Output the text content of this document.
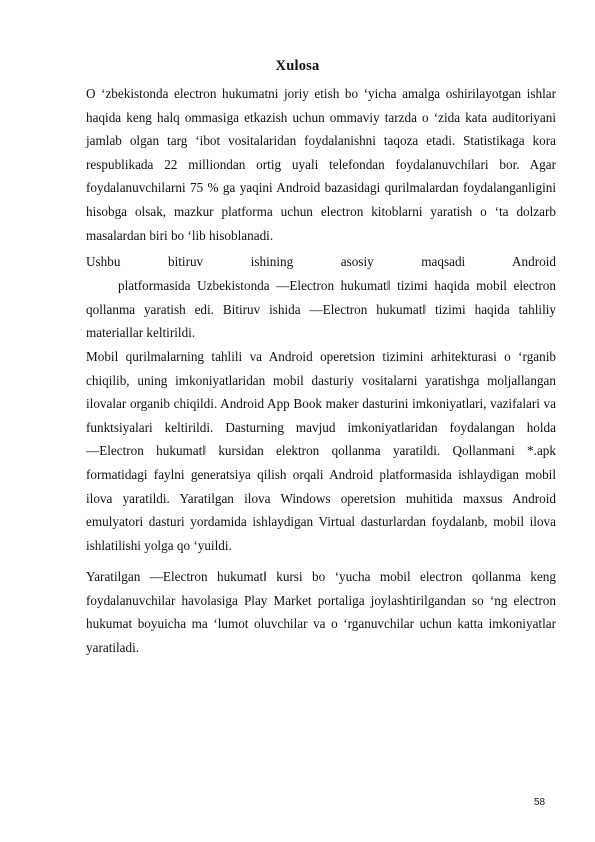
Xulosa

O ‘zbekistonda electron hukumatni joriy etish bo ‘yicha amalga oshirilayotgan ishlar haqida keng halq ommasiga etkazish uchun ommaviy tarzda o ‘zida kata auditoriyani jamlab olgan targ ‘ibot vositalaridan foydalanishni taqoza etadi. Statistikaga kora respublikada 22 milliondan ortig uyali telefondan foydalanuvchilari bor. Agar foydalanuvchilarni 75 % ga yaqini Android bazasidagi qurilmalardan foydalanganligini hisobga olsak, mazkur platforma uchun electron kitoblarni yaratish o ‘ta dolzarb masalardan biri bo ‘lib hisoblanadi.

Ushbu bitiruv ishining asosiy maqsadi Android

platformasida Uzbekistonda ―Electron hukumat‖ tizimi haqida mobil electron qollanma yaratish edi. Bitiruv ishida ―Electron hukumat‖ tizimi haqida tahliliy materiallar keltirildi.

Mobil qurilmalarning tahlili va Android operetsion tizimini arhitekturasi o ‘rganib chiqilib, uning imkoniyatlaridan mobil dasturiy vositalarni yaratishga moljallangan ilovalar organib chiqildi. Android App Book maker dasturini imkoniyatlari, vazifalari va funktsiyalari keltirildi. Dasturning mavjud imkoniyatlaridan foydalangan holda ―Electron hukumat‖ kursidan elektron qollanma yaratildi. Qollanmani *.apk formatidagi faylni generatsiya qilish orqali Android platformasida ishlaydigan mobil ilova yaratildi. Yaratilgan ilova Windows operetsion muhitida maxsus Android emulyatori dasturi yordamida ishlaydigan Virtual dasturlardan foydalanb, mobil ilova ishlatilishi yolga qo ‘yuildi.

Yaratilgan ―Electron hukumat‖ kursi bo ‘yucha mobil electron qollanma keng foydalanuvchilar havolasiga Play Market portaliga joylashtirilgandan so ‘ng electron hukumat boyuicha ma ‘lumot oluvchilar va o ‘rganuvchilar uchun katta imkoniyatlar yaratiladi.

58
